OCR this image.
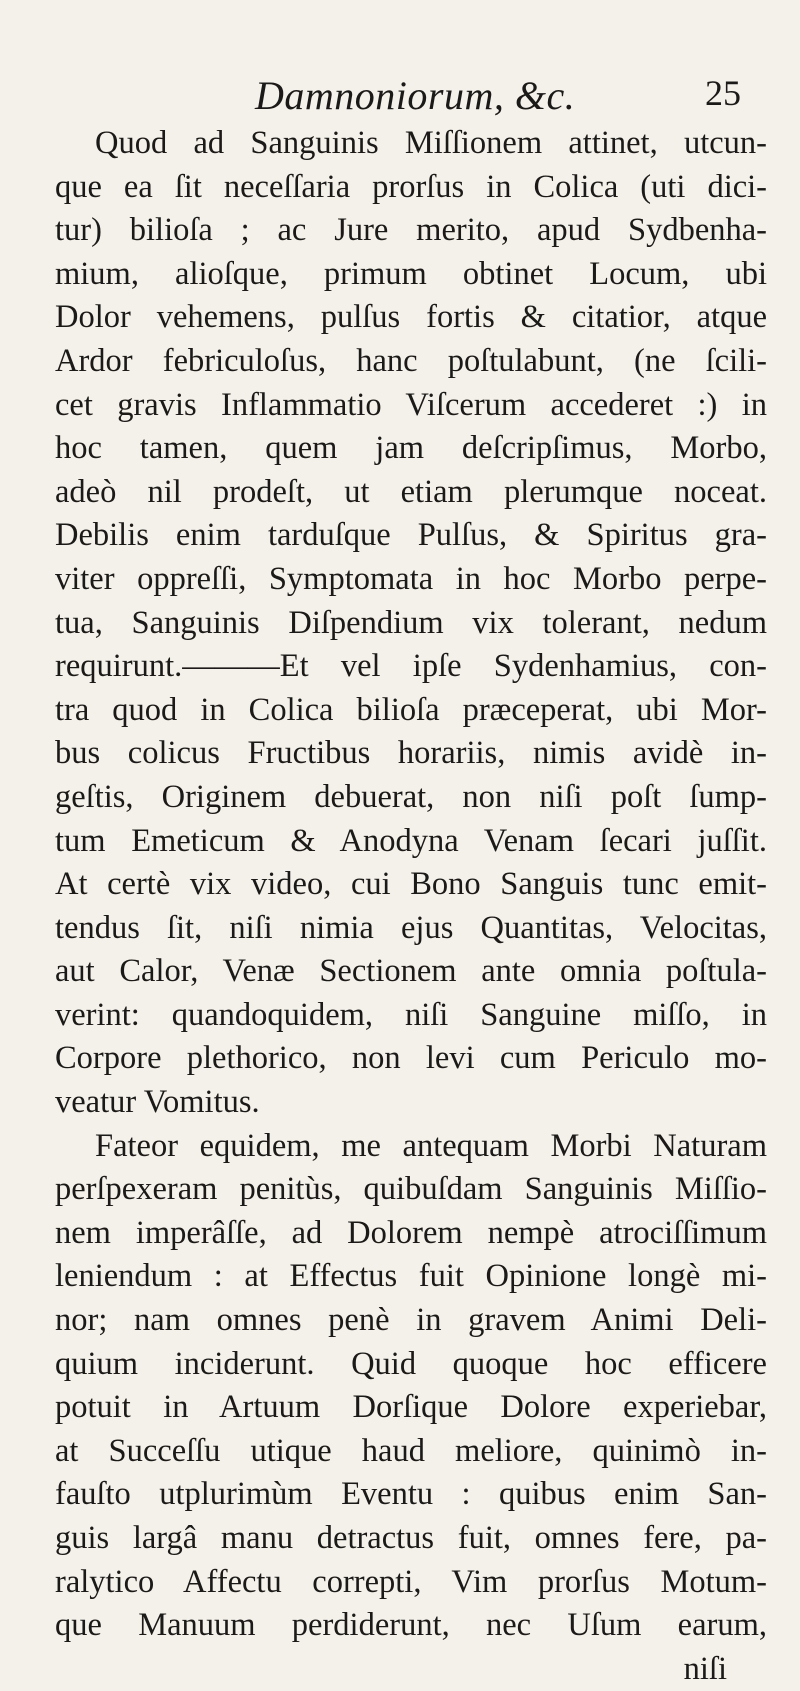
Damnoniorum, &c.	25
Quod ad Sanguinis Miſſionem attinet, utcun-
que ea ſit neceſſaria prorſus in Colica (uti dici-
tur) bilioſa ; ac Jure merito, apud Sydbenha-
mium, alioſque, primum obtinet Locum, ubi
Dolor vehemens, pulſus fortis & citatior, atque
Ardor febriculoſus, hanc poſtulabunt, (ne ſcili-
cet gravis Inflammatio Viſcerum accederet :) in
hoc tamen, quem jam deſcripſimus, Morbo,
adeò nil prodeſt, ut etiam plerumque noceat.
Debilis enim tarduſque Pulſus, & Spiritus gra-
viter oppreſſi, Symptomata in hoc Morbo perpe-
tua, Sanguinis Diſpendium vix tolerant, nedum
requirunt.———Et vel ipſe Sydenhamius, con-
tra quod in Colica bilioſa præceperat, ubi Mor-
bus colicus Fructibus horariis, nimis avidè in-
geſtis, Originem debuerat, non niſi poſt ſump-
tum Emeticum & Anodyna Venam ſecari juſſit.
At certè vix video, cui Bono Sanguis tunc emit-
tendus ſit, niſi nimia ejus Quantitas, Velocitas,
aut Calor, Venæ Sectionem ante omnia poſtula-
verint: quandoquidem, niſi Sanguine miſſo, in
Corpore plethorico, non levi cum Periculo mo-
veatur Vomitus.
Fateor equidem, me antequam Morbi Naturam
perſpexeram penitùs, quibuſdam Sanguinis Miſſio-
nem imperâſſe, ad Dolorem nempè atrociſſimum
leniendum : at Effectus fuit Opinione longè mi-
nor; nam omnes penè in gravem Animi Deli-
quium inciderunt. Quid quoque hoc efficere
potuit in Artuum Dorſique Dolore experiebar,
at Succeſſu utique haud meliore, quinimò in-
fauſto utplurimùm Eventu : quibus enim San-
guis largâ manu detractus fuit, omnes fere, pa-
ralytico Affectu correpti, Vim prorſus Motum-
que Manuum perdiderunt, nec Uſum earum,
niſi
